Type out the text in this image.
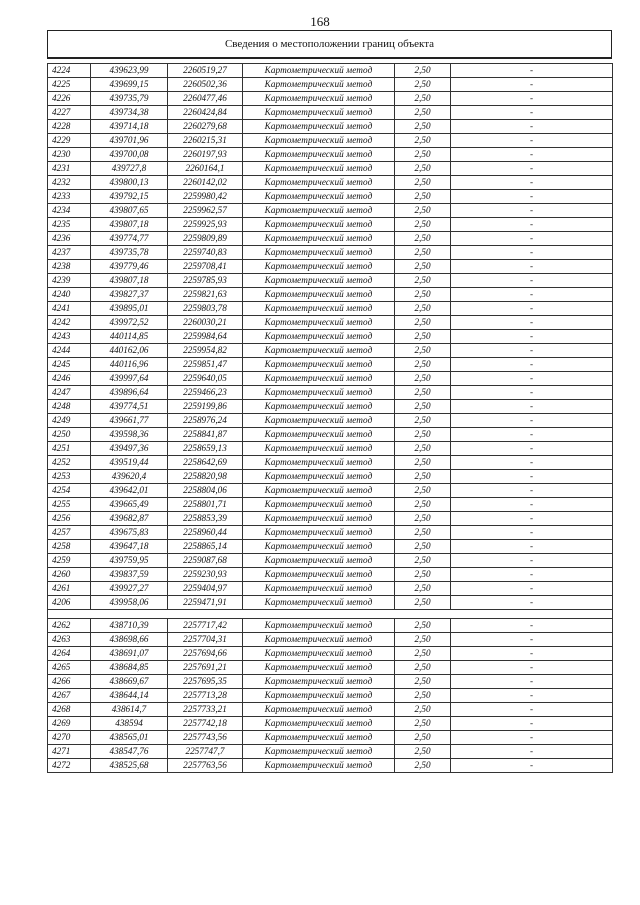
168
Сведения о местоположении границ объекта
4224	439623,99	2260519,27	Картометрический метод	2,50	-
4225	439699,15	2260502,36	Картометрический метод	2,50	-
4226	439735,79	2260477,46	Картометрический метод	2,50	-
4227	439734,38	2260424,84	Картометрический метод	2,50	-
4228	439714,18	2260279,68	Картометрический метод	2,50	-
4229	439701,96	2260215,31	Картометрический метод	2,50	-
4230	439700,08	2260197,93	Картометрический метод	2,50	-
4231	439727,8	2260164,1	Картометрический метод	2,50	-
4232	439800,13	2260142,02	Картометрический метод	2,50	-
4233	439792,15	2259980,42	Картометрический метод	2,50	-
4234	439807,65	2259962,57	Картометрический метод	2,50	-
4235	439807,18	2259925,93	Картометрический метод	2,50	-
4236	439774,77	2259809,89	Картометрический метод	2,50	-
4237	439735,78	2259740,83	Картометрический метод	2,50	-
4238	439779,46	2259708,41	Картометрический метод	2,50	-
4239	439807,18	2259785,93	Картометрический метод	2,50	-
4240	439827,37	2259821,63	Картометрический метод	2,50	-
4241	439895,01	2259803,78	Картометрический метод	2,50	-
4242	439972,52	2260030,21	Картометрический метод	2,50	-
4243	440114,85	2259984,64	Картометрический метод	2,50	-
4244	440162,06	2259954,82	Картометрический метод	2,50	-
4245	440116,96	2259851,47	Картометрический метод	2,50	-
4246	439997,64	2259640,05	Картометрический метод	2,50	-
4247	439896,64	2259466,23	Картометрический метод	2,50	-
4248	439774,51	2259199,86	Картометрический метод	2,50	-
4249	439661,77	2258976,24	Картометрический метод	2,50	-
4250	439598,36	2258841,87	Картометрический метод	2,50	-
4251	439497,36	2258659,13	Картометрический метод	2,50	-
4252	439519,44	2258642,69	Картометрический метод	2,50	-
4253	439620,4	2258820,98	Картометрический метод	2,50	-
4254	439642,01	2258804,06	Картометрический метод	2,50	-
4255	439665,49	2258801,71	Картометрический метод	2,50	-
4256	439682,87	2258853,39	Картометрический метод	2,50	-
4257	439675,83	2258960,44	Картометрический метод	2,50	-
4258	439647,18	2258865,14	Картометрический метод	2,50	-
4259	439759,95	2259087,68	Картометрический метод	2,50	-
4260	439837,59	2259230,93	Картометрический метод	2,50	-
4261	439927,27	2259404,97	Картометрический метод	2,50	-
4206	439958,06	2259471,91	Картометрический метод	2,50	-

4262	438710,39	2257717,42	Картометрический метод	2,50	-
4263	438698,66	2257704,31	Картометрический метод	2,50	-
4264	438691,07	2257694,66	Картометрический метод	2,50	-
4265	438684,85	2257691,21	Картометрический метод	2,50	-
4266	438669,67	2257695,35	Картометрический метод	2,50	-
4267	438644,14	2257713,28	Картометрический метод	2,50	-
4268	438614,7	2257733,21	Картометрический метод	2,50	-
4269	438594	2257742,18	Картометрический метод	2,50	-
4270	438565,01	2257743,56	Картометрический метод	2,50	-
4271	438547,76	2257747,7	Картометрический метод	2,50	-
4272	438525,68	2257763,56	Картометрический метод	2,50	-
